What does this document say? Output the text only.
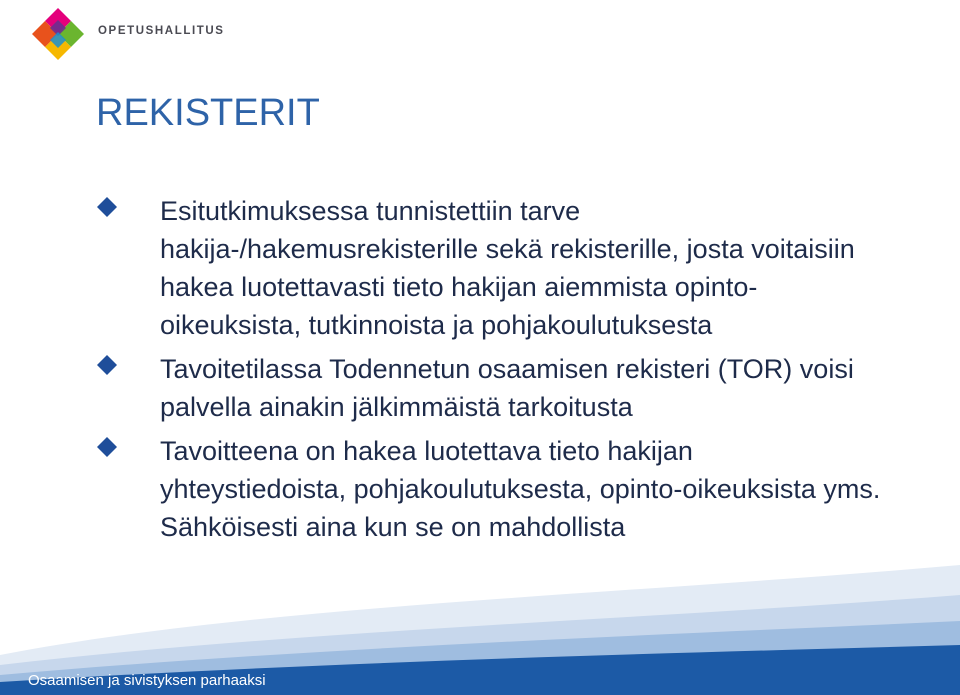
OPETUSHALLITUS
REKISTERIT
Esitutkimuksessa tunnistettiin tarve hakija-/hakemusrekisterille sekä rekisterille, josta voitaisiin hakea luotettavasti tieto hakijan aiemmista opinto-oikeuksista, tutkinnoista ja pohjakoulutuksesta
Tavoitetilassa Todennetun osaamisen rekisteri (TOR) voisi palvella ainakin jälkimmäistä tarkoitusta
Tavoitteena on hakea luotettava tieto hakijan yhteystiedoista, pohjakoulutuksesta, opinto-oikeuksista yms. Sähköisesti aina kun se on mahdollista
Osaamisen ja sivistyksen parhaaksi
